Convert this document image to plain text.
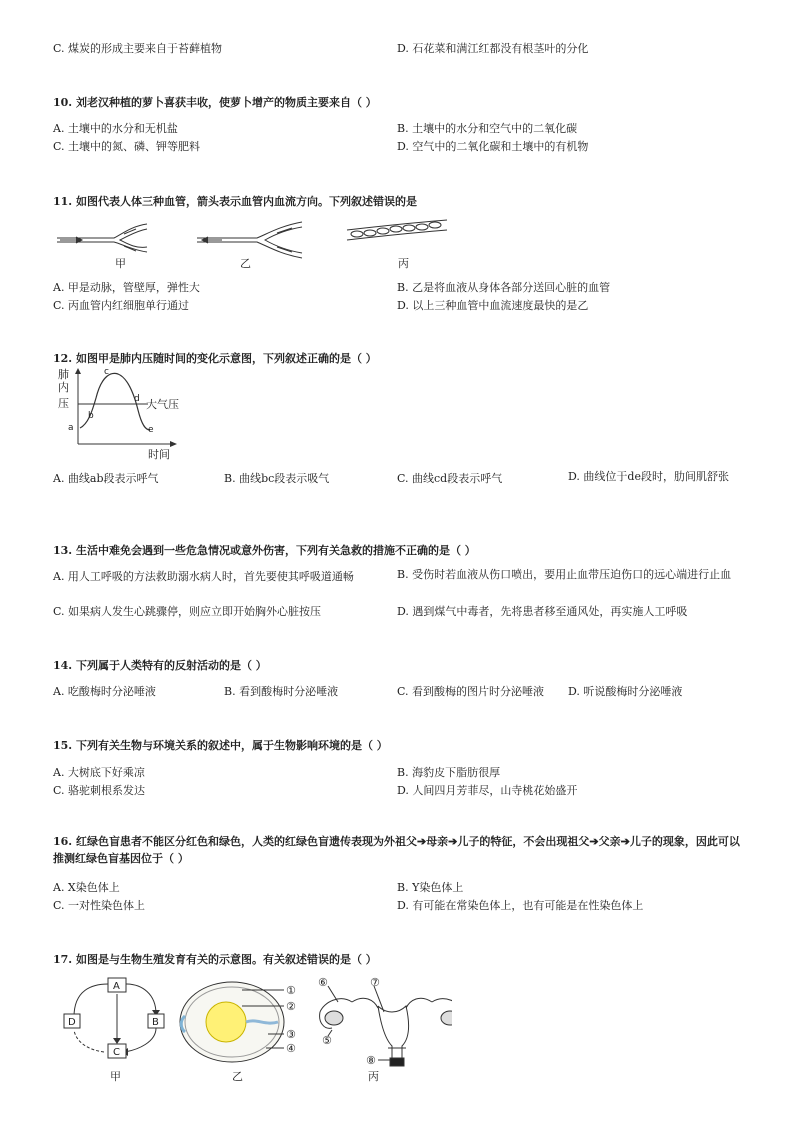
C. 煤炭的形成主要来自于苔藓植物	D. 石花菜和满江红都没有根茎叶的分化
10. 刘老汉种植的萝卜喜获丰收，使萝卜增产的物质主要来自（ ）
A. 土壤中的水分和无机盐	B. 土壤中的水分和空气中的二氧化碳
C. 土壤中的氮、磷、钾等肥料	D. 空气中的二氧化碳和土壤中的有机物
11. 如图代表人体三种血管，箭头表示血管内血流方向。下列叙述错误的是
甲	乙	丙
A. 甲是动脉，管壁厚，弹性大	B. 乙是将血液从身体各部分送回心脏的血管
C. 丙血管内红细胞单行通过	D. 以上三种血管中血流速度最快的是乙
12. 如图甲是肺内压随时间的变化示意图，下列叙述正确的是（ ）
肺
内
压
a
b
c
d
e
大气压
时间
A. 曲线ab段表示呼气	B. 曲线bc段表示吸气	C. 曲线cd段表示呼气	D. 曲线位于de段时，肋间肌舒张
13. 生活中难免会遇到一些危急情况或意外伤害，下列有关急救的措施不正确的是（ ）
A. 用人工呼吸的方法救助溺水病人时，首先要使其呼吸道通畅	B. 受伤时若血液从伤口喷出，要用止血带压迫伤口的远心端进行止血
C. 如果病人发生心跳骤停，则应立即开始胸外心脏按压	D. 遇到煤气中毒者，先将患者移至通风处，再实施人工呼吸
14. 下列属于人类特有的反射活动的是（ ）
A. 吃酸梅时分泌唾液	B. 看到酸梅时分泌唾液	C. 看到酸梅的图片时分泌唾液 D. 听说酸梅时分泌唾液
15. 下列有关生物与环境关系的叙述中，属于生物影响环境的是（ ）
A. 大树底下好乘凉	B. 海豹皮下脂肪很厚
C. 骆驼刺根系发达	D. 人间四月芳菲尽，山寺桃花始盛开
16. 红绿色盲患者不能区分红色和绿色，人类的红绿色盲遗传表现为外祖父➔母亲➔儿子的特征，不会出现祖父➔父亲➔儿子的现象，因此可以推测红绿色盲基因位于（ ）
A. X染色体上	B. Y染色体上
C. 一对性染色体上	D. 有可能在常染色体上，也有可能是在性染色体上
17. 如图是与生物生殖发育有关的示意图。有关叙述错误的是（ ）
A
B
C
D
①
②
③
④
⑥	⑦
⑤
⑧
甲	乙	丙
